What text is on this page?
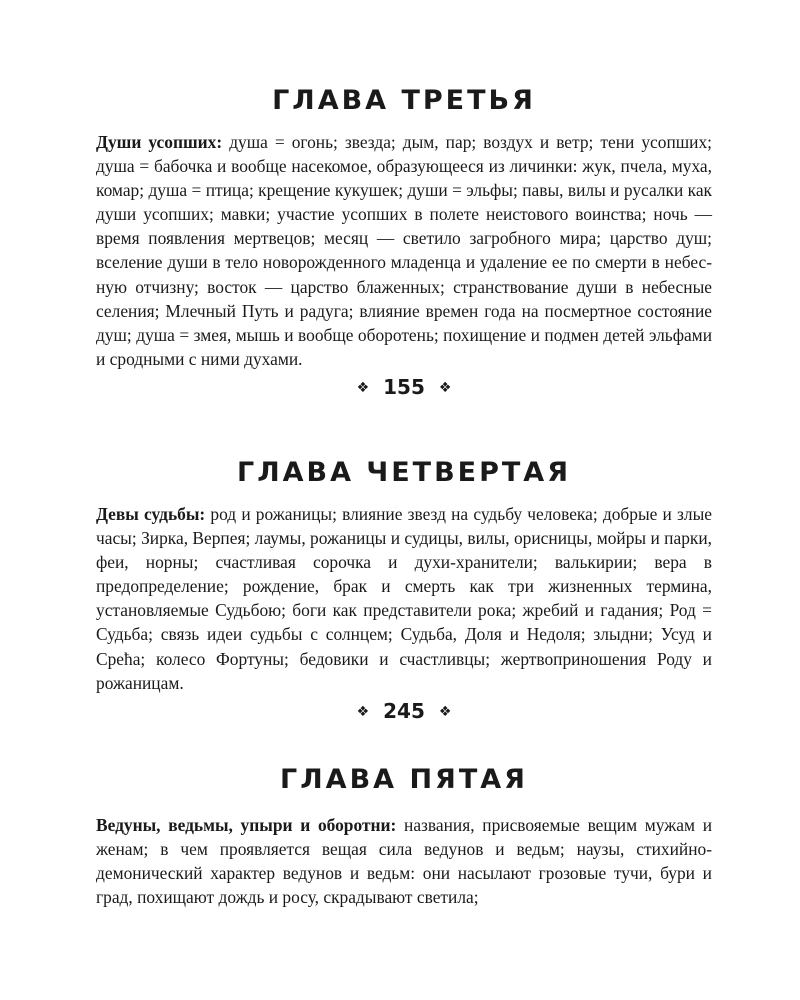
ГЛАВА ТРЕТЬЯ

Души усопших: душа = огонь; звезда; дым, пар; воздух и ветр; тени усопших; душа = бабочка и вообще насекомое, образующееся из личинки: жук, пчела, муха, комар; душа = птица; крещение кукушек; души = эльфы; павы, вилы и русалки как души усопших; мавки; участие усопших в полете неистового воинства; ночь — время появления мертвецов; месяц — светило загробного мира; царство душ; вселение души в тело новорожденного младенца и удаление ее по смерти в небесную отчизну; восток — царство блаженных; странствование души в небесные селения; Млечный Путь и радуга; влияние времен года на посмертное состояние душ; душа = змея, мышь и вообще оборотень; похищение и подмен детей эльфами и сродными с ними духами.

❖ 155 ❖
ГЛАВА ЧЕТВЕРТАЯ

Девы судьбы: род и рожаницы; влияние звезд на судьбу человека; добрые и злые часы; Зирка, Верпея; лаумы, рожаницы и судицы, вилы, орисницы, мойры и парки, феи, норны; счастливая сорочка и духи-хранители; валькирии; вера в предопределение; рождение, брак и смерть как три жизненных термина, установляемые Судьбою; боги как представители рока; жребий и гадания; Род = Судьба; связь идеи судьбы с солнцем; Судьба, Доля и Недоля; злыдни; Усуд и Срећа; колесо Фортуны; бедовики и счастливцы; жертвоприношения Роду и рожаницам.

❖ 245 ❖
ГЛАВА ПЯТАЯ

Ведуны, ведьмы, упыри и оборотни: названия, присвояемые вещим мужам и женам; в чем проявляется вещая сила ведунов и ведьм; наузы, стихийно-демонический характер ведунов и ведьм: они насылают грозовые тучи, бури и град, похищают дождь и росу, скрадывают светила;
